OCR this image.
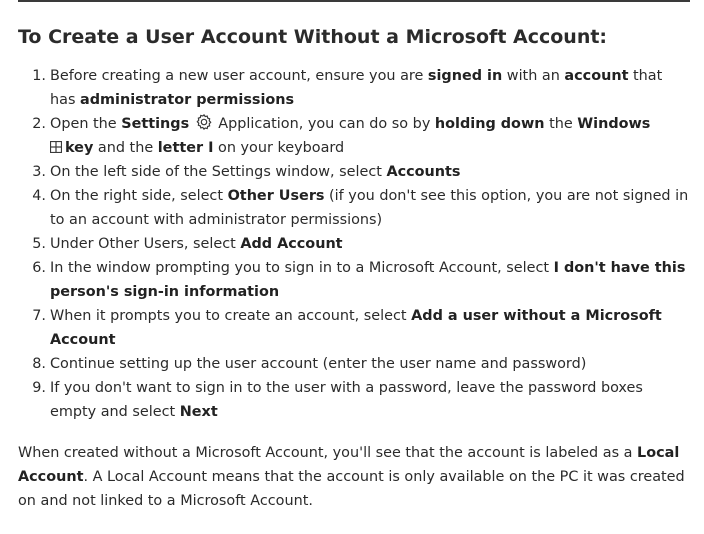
To Create a User Account Without a Microsoft Account:
1. Before creating a new user account, ensure you are signed in with an account that has administrator permissions
2. Open the Settings
Application, you can do so by holding down the Windows

key and the letter I on your keyboard
3. On the left side of the Settings window, select Accounts
4. On the right side, select Other Users (if you don't see this option, you are not signed in to an account with administrator permissions)
5. Under Other Users, select Add Account
6. In the window prompting you to sign in to a Microsoft Account, select I don't have this person's sign-in information
7. When it prompts you to create an account, select Add a user without a Microsoft Account
8. Continue setting up the user account (enter the user name and password)
9. If you don't want to sign in to the user with a password, leave the password boxes empty and select Next

When created without a Microsoft Account, you'll see that the account is labeled as a Local Account. A Local Account means that the account is only available on the PC it was created on and not linked to a Microsoft Account.
